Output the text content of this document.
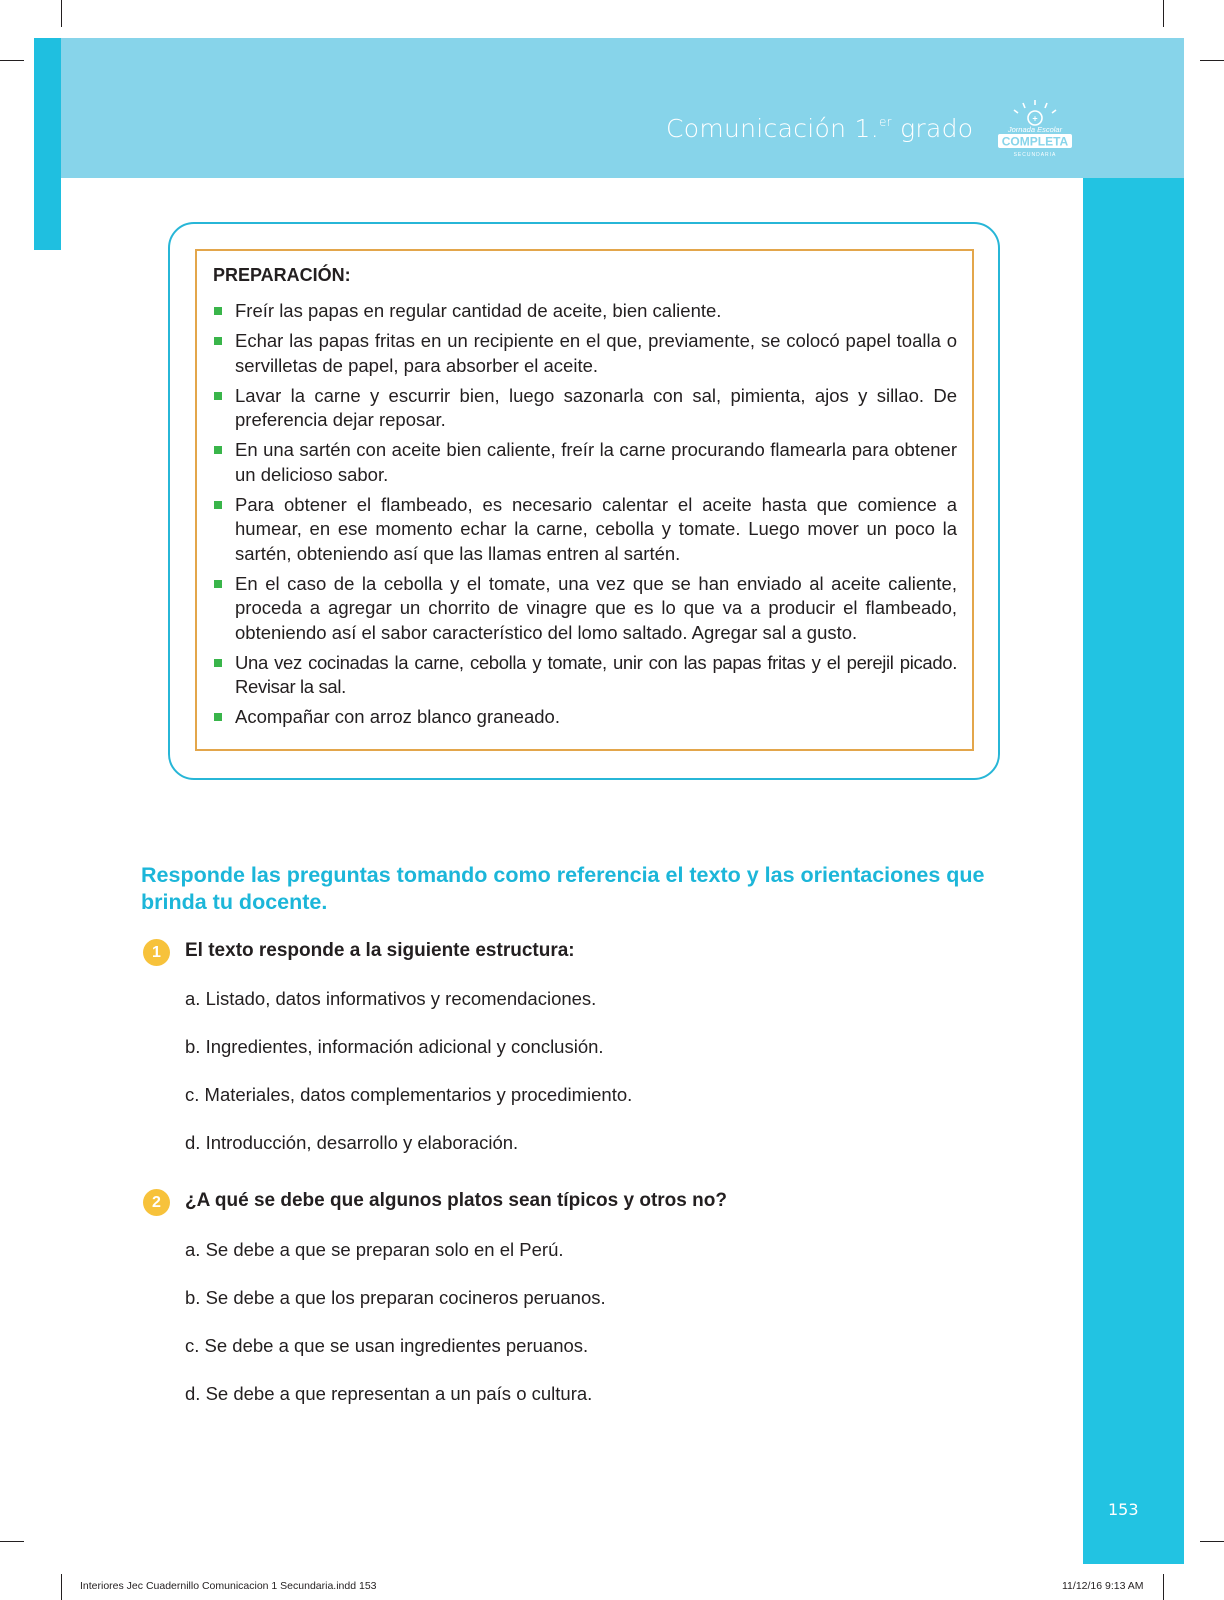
Comunicación 1.$^{er}$ grado	+
Jornada Escolar
COMPLETA
SECUNDARIA
PREPARACIÓN:
Freír las papas en regular cantidad de aceite, bien caliente.
Echar las papas fritas en un recipiente en el que, previamente, se colocó papel toalla o servilletas de papel, para absorber el aceite.
Lavar la carne y escurrir bien, luego sazonarla con sal, pimienta, ajos y sillao. De preferencia dejar reposar.
En una sartén con aceite bien caliente, freír la carne procurando flamearla para obtener un delicioso sabor.
Para obtener el flambeado, es necesario calentar el aceite hasta que comience a humear, en ese momento echar la carne, cebolla y tomate. Luego mover un poco la sartén, obteniendo así que las llamas entren al sartén.
En el caso de la cebolla y el tomate, una vez que se han enviado al aceite caliente, proceda a agregar un chorrito de vinagre que es lo que va a producir el flambeado, obteniendo así el sabor característico del lomo saltado. Agregar sal a gusto.
Una vez cocinadas la carne, cebolla y tomate, unir con las papas fritas y el perejil picado. Revisar la sal.
Acompañar con arroz blanco graneado.
Responde las preguntas tomando como referencia el texto y las orientaciones que brinda tu docente.
1	El texto responde a la siguiente estructura:
a. Listado, datos informativos y recomendaciones.
b. Ingredientes, información adicional y conclusión.
c. Materiales, datos complementarios y procedimiento.
d. Introducción, desarrollo y elaboración.
2	¿A qué se debe que algunos platos sean típicos y otros no?
a. Se debe a que se preparan solo en el Perú.
b. Se debe a que los preparan cocineros peruanos.
c. Se debe a que se usan ingredientes peruanos.
d. Se debe a que representan a un país o cultura.
153
Interiores Jec Cuadernillo Comunicacion 1 Secundaria.indd 153	11/12/16 9:13 AM
